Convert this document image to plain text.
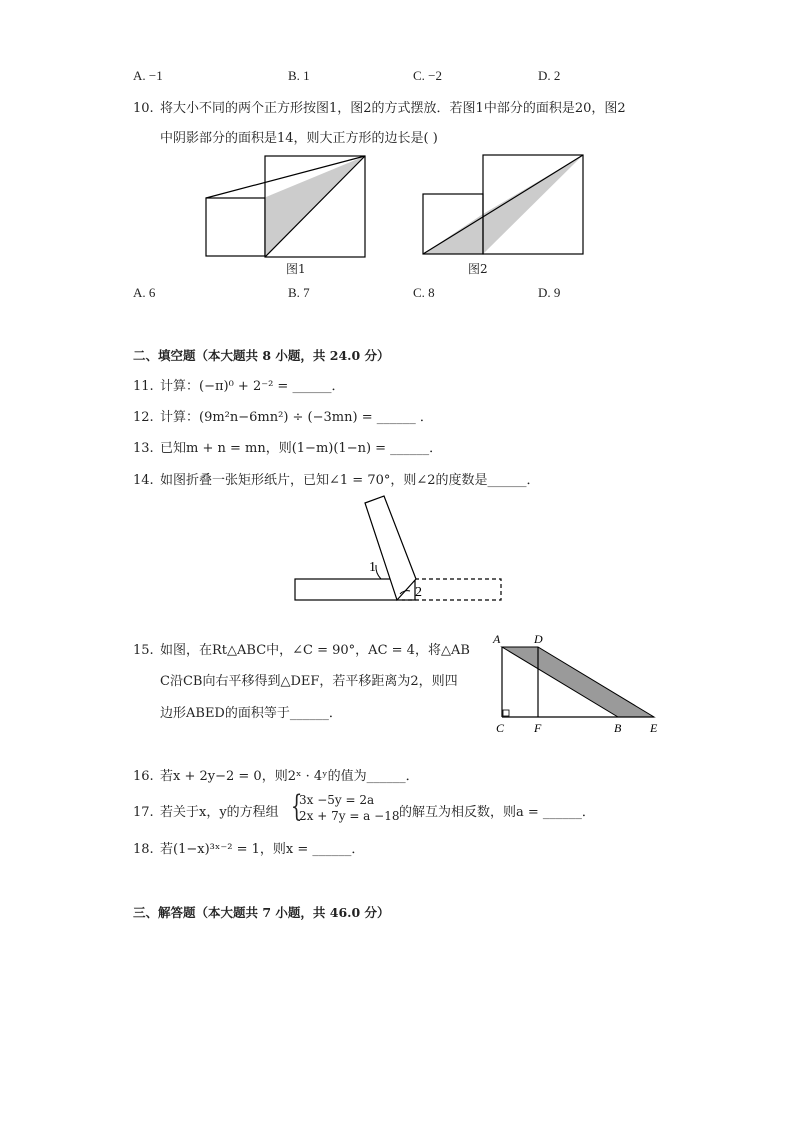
A. −1	B. 1	C. −2	D. 2
10. 将大小不同的两个正方形按图1，图2的方式摆放．若图1中部分的面积是20，图2
中阴影部分的面积是14，则大正方形的边长是( )
图1	图2
A. 6	B. 7	C. 8	D. 9
二、填空题（本大题共 8 小题，共 24.0 分）
11. 计算：(−π)⁰ + 2⁻² = ______．
12. 计算：(9m²n−6mn²) ÷ (−3mn) = ______ ．
13. 已知m + n = mn，则(1−m)(1−n) = ______．
14. 如图折叠一张矩形纸片，已知∠1 = 70°，则∠2的度数是______．
1
2
15. 如图，在Rt△ABC中，∠C = 90°，AC = 4，将△AB
C沿CB向右平移得到△DEF，若平移距离为2，则四
边形ABED的面积等于______．
A	D
C F	B E
16. 若x + 2y−2 = 0，则2ˣ · 4ʸ的值为______．
17. 若关于x，y的方程组 {
3x −5y = 2a
2x + 7y = a −18 的解互为相反数，则a = ______．
18. 若(1−x)³ˣ⁻² = 1，则x = ______．
三、解答题（本大题共 7 小题，共 46.0 分）
